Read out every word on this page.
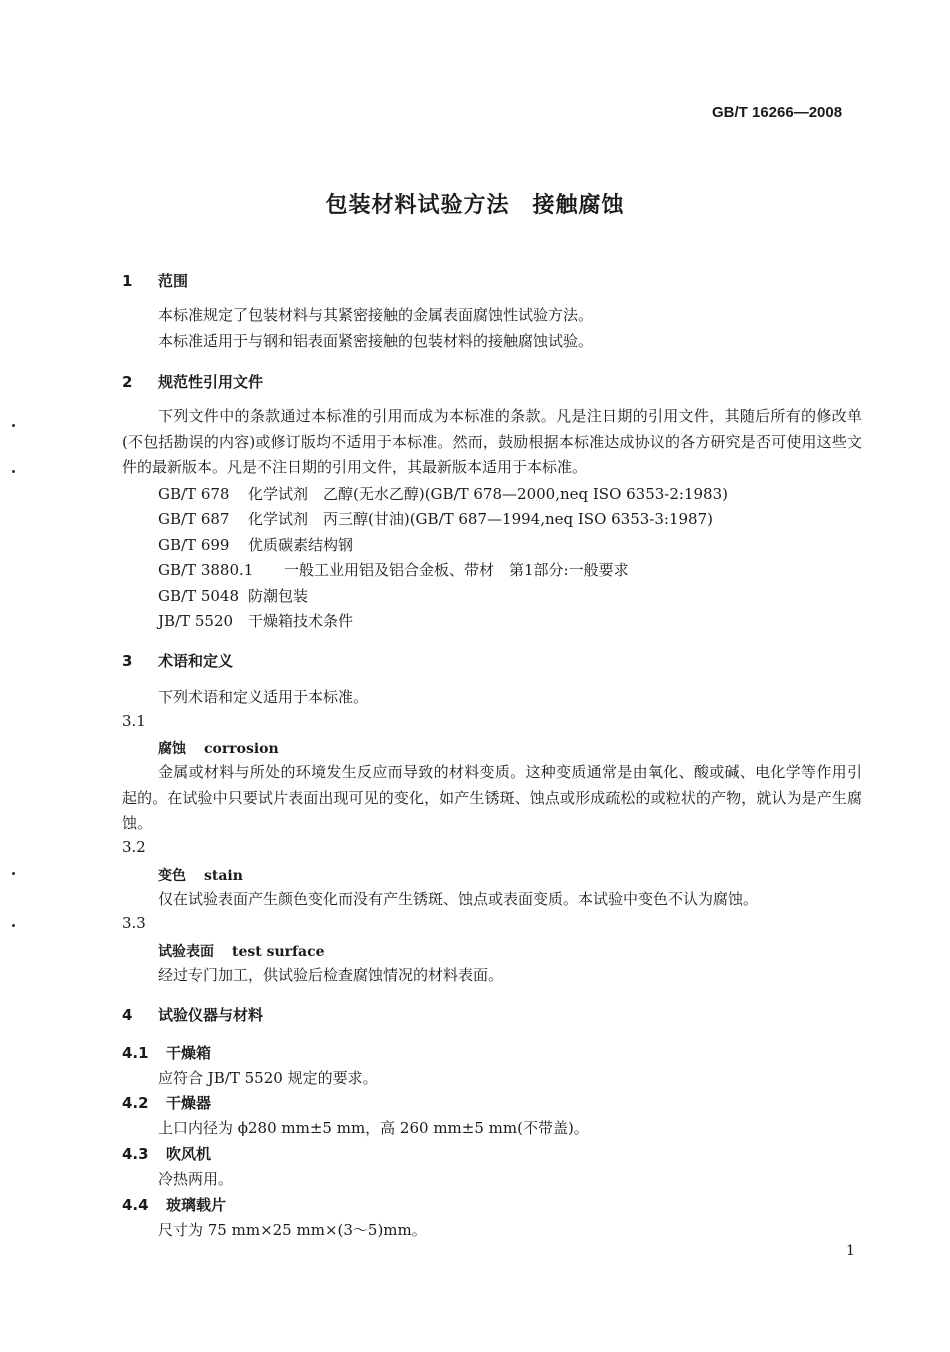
GB/T 16266—2008
包装材料试验方法　接触腐蚀
1 范围
本标准规定了包装材料与其紧密接触的金属表面腐蚀性试验方法。
本标准适用于与钢和铝表面紧密接触的包装材料的接触腐蚀试验。
2 规范性引用文件
下列文件中的条款通过本标准的引用而成为本标准的条款。凡是注日期的引用文件，其随后所有的修改单(不包括勘误的内容)或修订版均不适用于本标准。然而，鼓励根据本标准达成协议的各方研究是否可使用这些文件的最新版本。凡是不注日期的引用文件，其最新版本适用于本标准。
GB/T 678 化学试剂　乙醇(无水乙醇)(GB/T 678—2000,neq ISO 6353-2:1983)
GB/T 687 化学试剂　丙三醇(甘油)(GB/T 687—1994,neq ISO 6353-3:1987)
GB/T 699 优质碳素结构钢
GB/T 3880.1 一般工业用铝及铝合金板、带材　第1部分:一般要求
GB/T 5048 防潮包装
JB/T 5520 干燥箱技术条件
3 术语和定义
下列术语和定义适用于本标准。
3.1
腐蚀 corrosion
金属或材料与所处的环境发生反应而导致的材料变质。这种变质通常是由氧化、酸或碱、电化学等作用引起的。在试验中只要试片表面出现可见的变化，如产生锈斑、蚀点或形成疏松的或粒状的产物，就认为是产生腐蚀。
3.2
变色 stain
仅在试验表面产生颜色变化而没有产生锈斑、蚀点或表面变质。本试验中变色不认为腐蚀。
3.3
试验表面 test surface
经过专门加工，供试验后检查腐蚀情况的材料表面。
4 试验仪器与材料
4.1 干燥箱
应符合 JB/T 5520 规定的要求。
4.2 干燥器
上口内径为 ϕ280 mm±5 mm，高 260 mm±5 mm(不带盖)。
4.3 吹风机
冷热两用。
4.4 玻璃载片
尺寸为 75 mm×25 mm×(3～5)mm。
1
